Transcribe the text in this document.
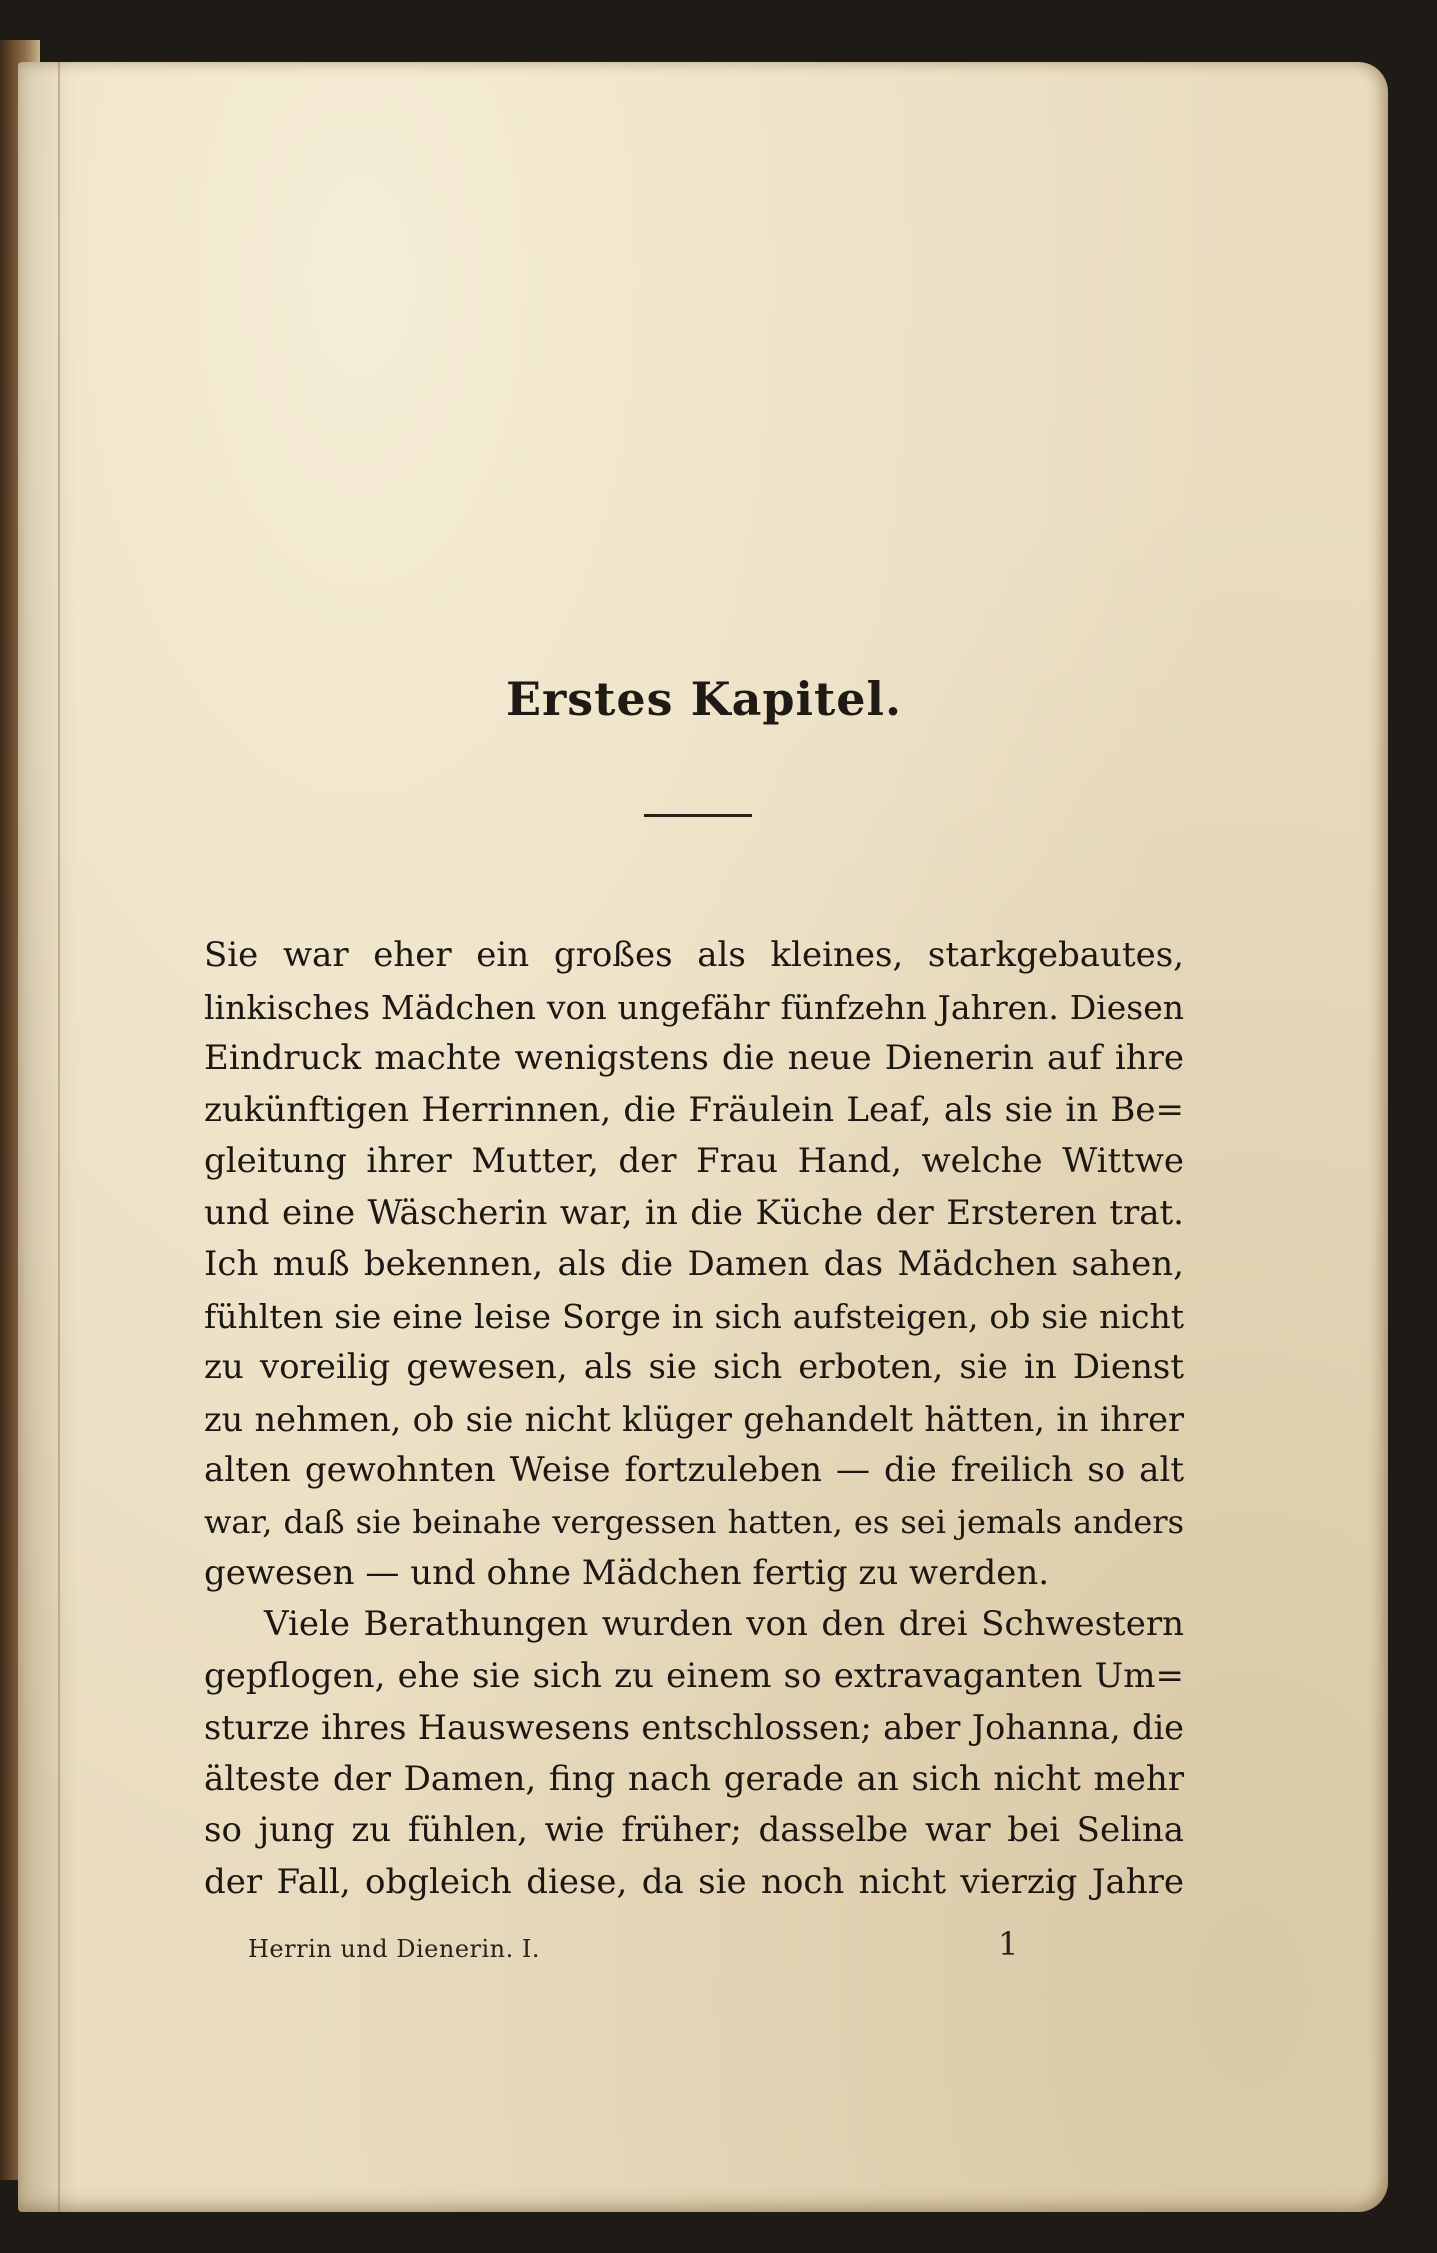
Erstes Kapitel.
Sie war eher ein großes als kleines, starkgebautes,
linkisches Mädchen von ungefähr fünfzehn Jahren. Diesen
Eindruck machte wenigstens die neue Dienerin auf ihre
zukünftigen Herrinnen, die Fräulein Leaf, als sie in Be=
gleitung ihrer Mutter, der Frau Hand, welche Wittwe
und eine Wäscherin war, in die Küche der Ersteren trat.
Ich muß bekennen, als die Damen das Mädchen sahen,
fühlten sie eine leise Sorge in sich aufsteigen, ob sie nicht
zu voreilig gewesen, als sie sich erboten, sie in Dienst
zu nehmen, ob sie nicht klüger gehandelt hätten, in ihrer
alten gewohnten Weise fortzuleben — die freilich so alt
war, daß sie beinahe vergessen hatten, es sei jemals anders
gewesen — und ohne Mädchen fertig zu werden.
Viele Berathungen wurden von den drei Schwestern
gepflogen, ehe sie sich zu einem so extravaganten Um=
sturze ihres Hauswesens entschlossen; aber Johanna, die
älteste der Damen, fing nach gerade an sich nicht mehr
so jung zu fühlen, wie früher; dasselbe war bei Selina
der Fall, obgleich diese, da sie noch nicht vierzig Jahre
Herrin und Dienerin. I.	1
